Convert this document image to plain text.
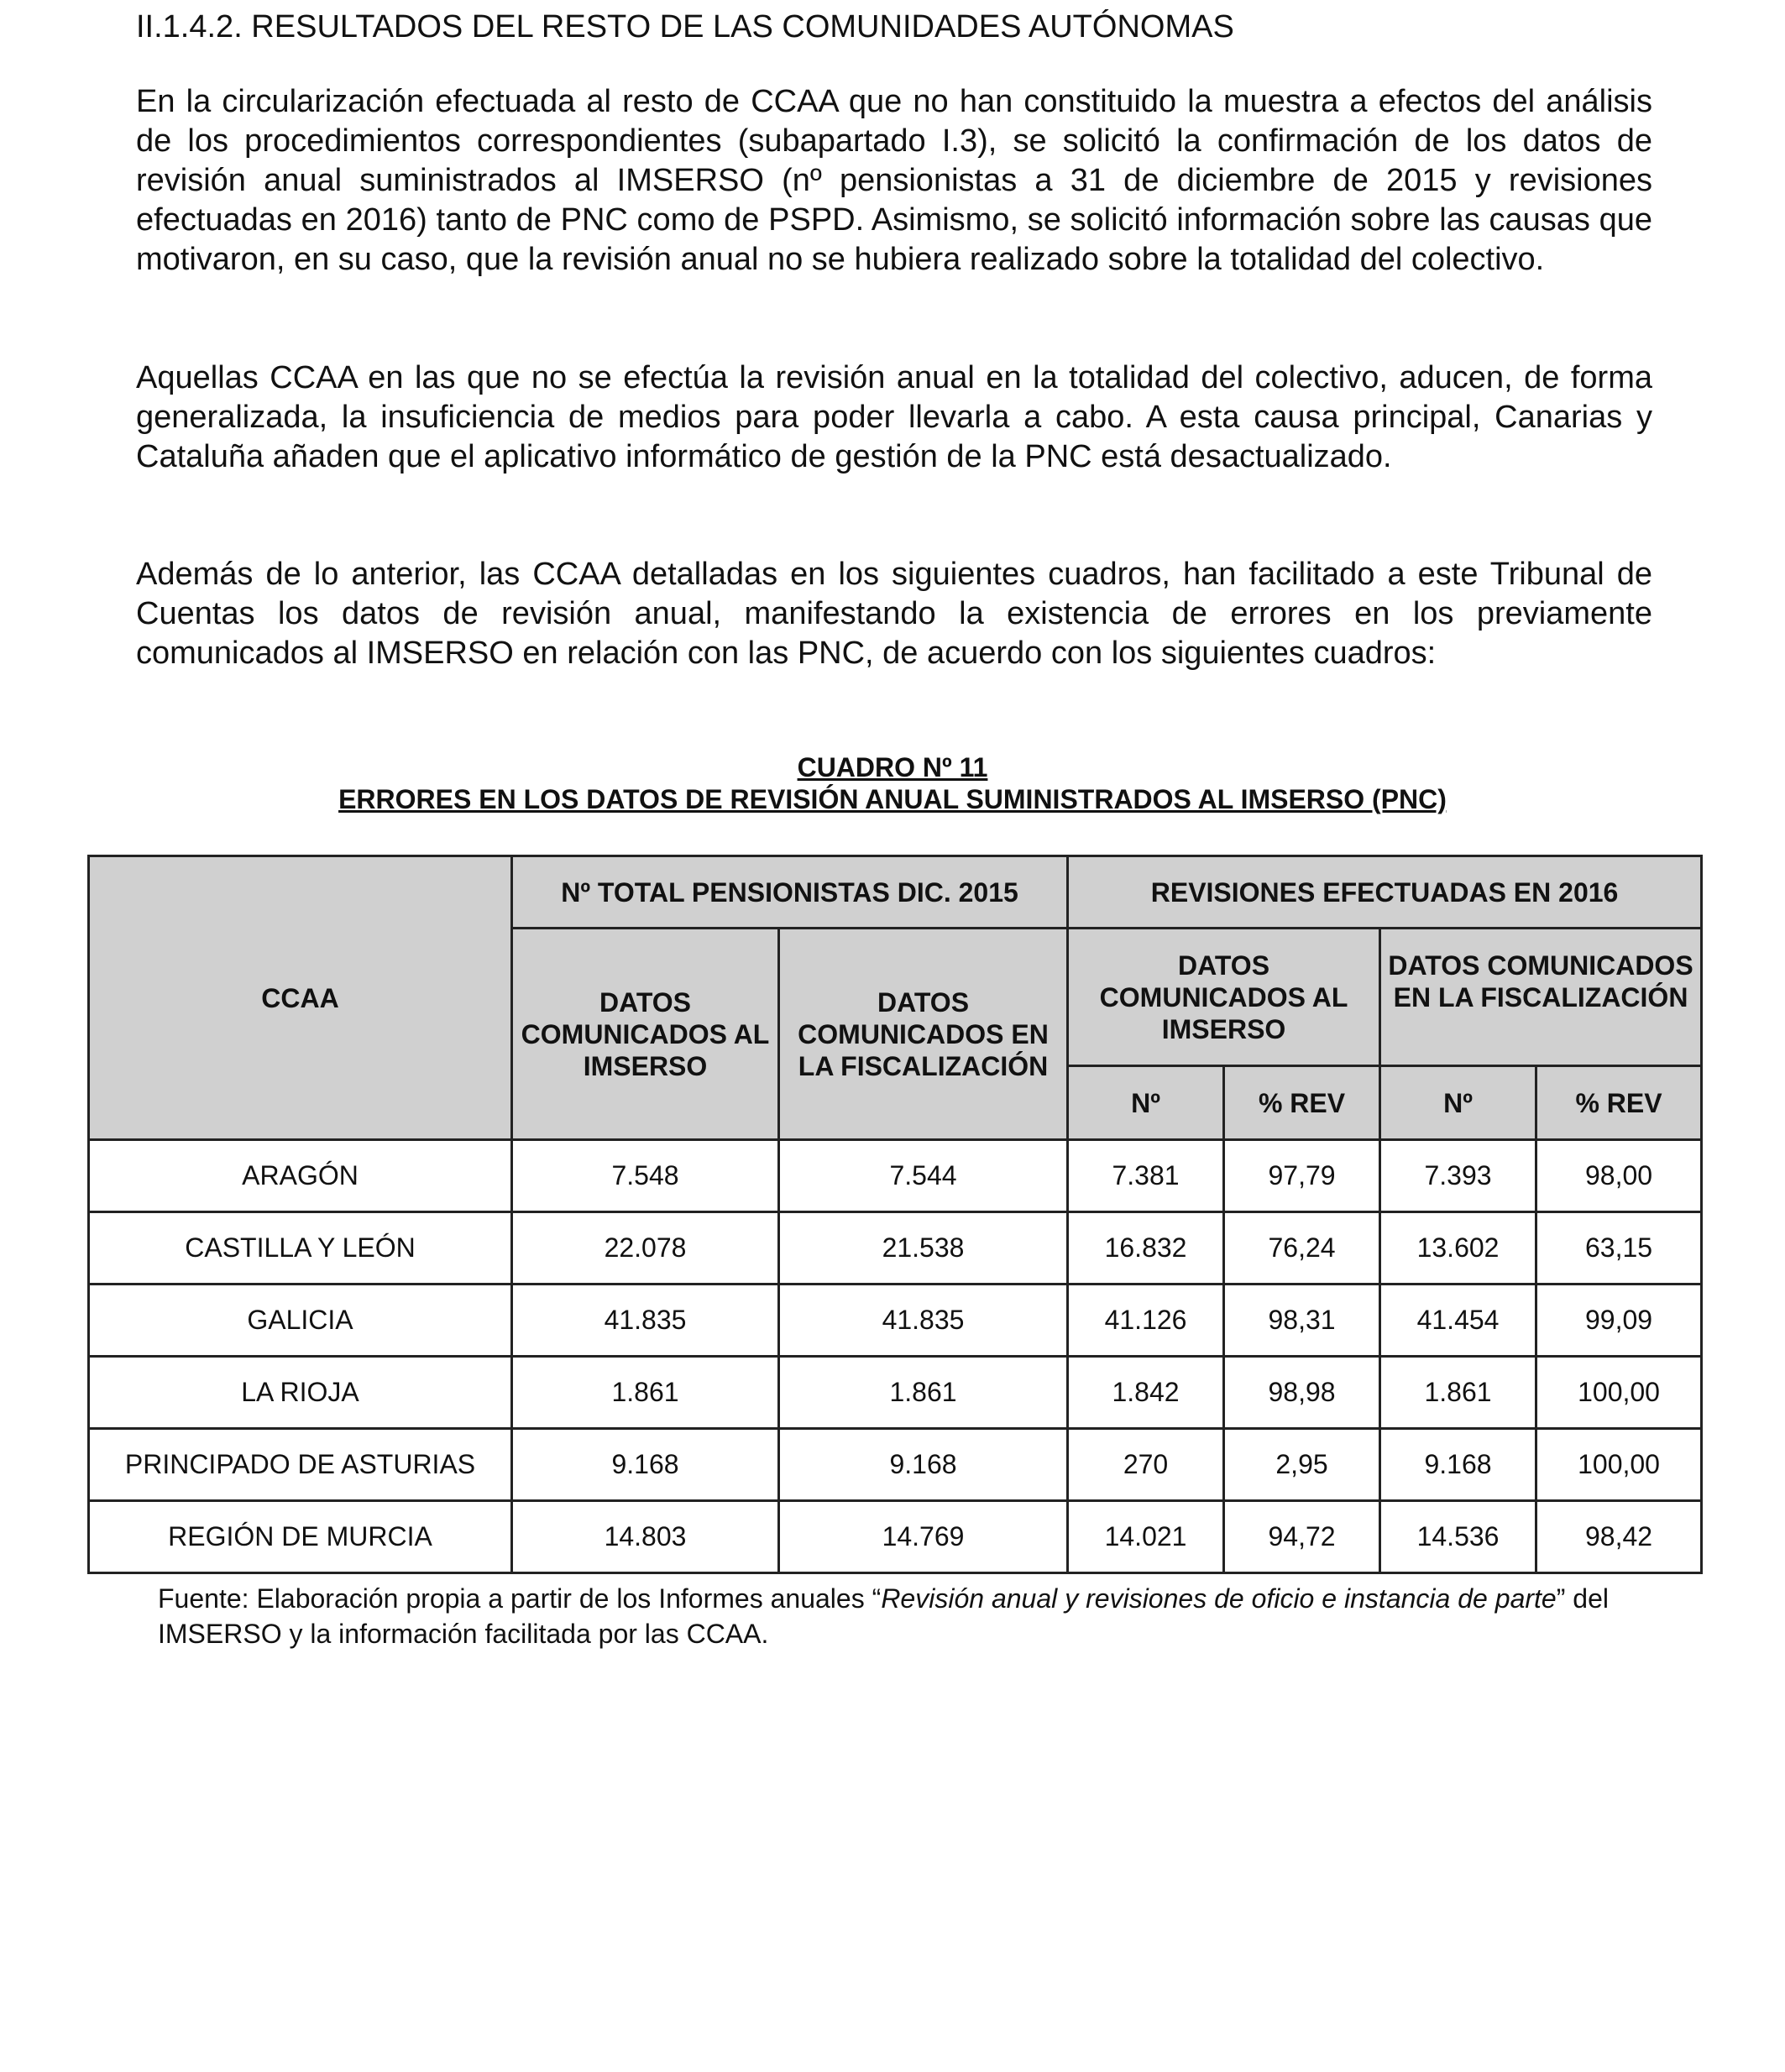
II.1.4.2. RESULTADOS DEL RESTO DE LAS COMUNIDADES AUTÓNOMAS

En la circularización efectuada al resto de CCAA que no han constituido la muestra a efectos del análisis de los procedimientos correspondientes (subapartado I.3), se solicitó la confirmación de los datos de revisión anual suministrados al IMSERSO (nº pensionistas a 31 de diciembre de 2015 y revisiones efectuadas en 2016) tanto de PNC como de PSPD. Asimismo, se solicitó información sobre las causas que motivaron, en su caso, que la revisión anual no se hubiera realizado sobre la totalidad del colectivo.

Aquellas CCAA en las que no se efectúa la revisión anual en la totalidad del colectivo, aducen, de forma generalizada, la insuficiencia de medios para poder llevarla a cabo. A esta causa principal, Canarias y Cataluña añaden que el aplicativo informático de gestión de la PNC está desactualizado.

Además de lo anterior, las CCAA detalladas en los siguientes cuadros, han facilitado a este Tribunal de Cuentas los datos de revisión anual, manifestando la existencia de errores en los previamente comunicados al IMSERSO en relación con las PNC, de acuerdo con los siguientes cuadros:

CUADRO Nº 11
ERRORES EN LOS DATOS DE REVISIÓN ANUAL SUMINISTRADOS AL IMSERSO (PNC)
CCAA	Nº TOTAL PENSIONISTAS DIC. 2015		REVISIONES EFECTUADAS EN 2016			
	DATOS COMUNICADOS AL IMSERSO	DATOS COMUNICADOS EN LA FISCALIZACIÓN	DATOS COMUNICADOS AL IMSERSO		DATOS COMUNICADOS EN LA FISCALIZACIÓN	
			Nº	% REV	Nº	% REV
ARAGÓN	7.548	7.544	7.381	97,79	7.393	98,00
CASTILLA Y LEÓN	22.078	21.538	16.832	76,24	13.602	63,15
GALICIA	41.835	41.835	41.126	98,31	41.454	99,09
LA RIOJA	1.861	1.861	1.842	98,98	1.861	100,00
PRINCIPADO DE ASTURIAS	9.168	9.168	270	2,95	9.168	100,00
REGIÓN DE MURCIA	14.803	14.769	14.021	94,72	14.536	98,42

Fuente: Elaboración propia a partir de los Informes anuales “Revisión anual y revisiones de oficio e instancia de parte” del IMSERSO y la información facilitada por las CCAA.
